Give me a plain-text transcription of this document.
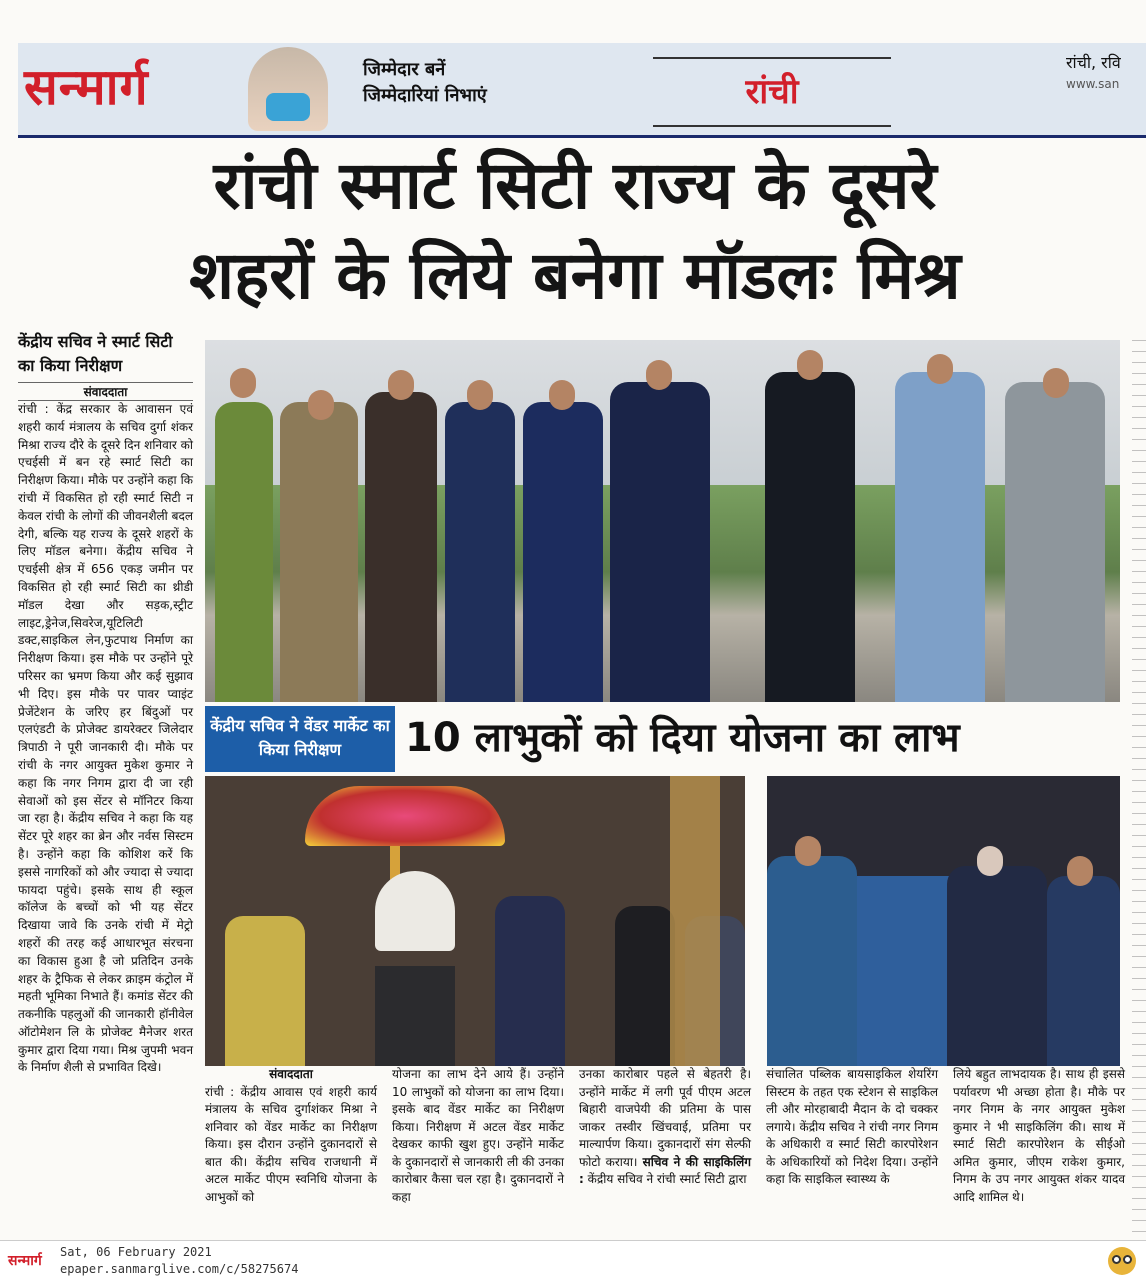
सन्मार्ग	जिम्मेदार बनें
जिम्मेदारियां निभाएं	रांची
रांची, रवि
www.san
रांची स्मार्ट सिटी राज्य के दूसरे
शहरों के लिये बनेगा मॉडलः मिश्र
केंद्रीय सचिव ने स्मार्ट सिटी का किया निरीक्षण
संवाददाता
रांची : केंद्र सरकार के आवासन एवं शहरी कार्य मंत्रालय के सचिव दुर्गा शंकर मिश्रा राज्य दौरे के दूसरे दिन शनिवार को एचईसी में बन रहे स्मार्ट सिटी का निरीक्षण किया। मौके पर उन्होंने कहा कि रांची में विकसित हो रही स्मार्ट सिटी न केवल रांची के लोगों की जीवनशैली बदल देगी, बल्कि यह राज्य के दूसरे शहरों के लिए मॉडल बनेगा। केंद्रीय सचिव ने एचईसी क्षेत्र में 656 एकड़ जमीन पर विकसित हो रही स्मार्ट सिटी का थ्रीडी मॉडल देखा और सड़क,स्ट्रीट लाइट,ड्रेनेज,सिवरेज,यूटिलिटी डक्ट,साइकिल लेन,फुटपाथ निर्माण का निरीक्षण किया। इस मौके पर उन्होंने पूरे परिसर का भ्रमण किया और कई सुझाव भी दिए। इस मौके पर पावर प्वाइंट प्रेजेंटेशन के जरिए हर बिंदुओं पर एलएंडटी के प्रोजेक्ट डायरेक्टर जिलेदार त्रिपाठी ने पूरी जानकारी दी। मौके पर रांची के नगर आयुक्त मुकेश कुमार ने कहा कि नगर निगम द्वारा दी जा रही सेवाओं को इस सेंटर से मॉनिटर किया जा रहा है। केंद्रीय सचिव ने कहा कि यह सेंटर पूरे शहर का ब्रेन और नर्वस सिस्टम है। उन्होंने कहा कि कोशिश करें कि इससे नागरिकों को और ज्यादा से ज्यादा फायदा पहुंचे। इसके साथ ही स्कूल कॉलेज के बच्चों को भी यह सेंटर दिखाया जावे कि उनके रांची में मेट्रो शहरों की तरह कई आधारभूत संरचना का विकास हुआ है जो प्रतिदिन उनके शहर के ट्रैफिक से लेकर क्राइम कंट्रोल में महती भूमिका निभाते हैं। कमांड सेंटर की तकनीकि पहलुओं की जानकारी हॉनीवेल ऑटोमेशन लि के प्रोजेक्ट मैनेजर शरत कुमार द्वारा दिया गया। मिश्र जुपमी भवन के निर्माण शैली से प्रभावित दिखे।
केंद्रीय सचिव ने वेंडर मार्केट का किया निरीक्षण	10 लाभुकों को दिया योजना का लाभ
संवाददाता
रांची : केंद्रीय आवास एवं शहरी कार्य मंत्रालय के सचिव दुर्गाशंकर मिश्रा ने शनिवार को वेंडर मार्केट का निरीक्षण किया। इस दौरान उन्होंने दुकानदारों से बात की। केंद्रीय सचिव राजधानी में अटल मार्केट पीएम स्वनिधि योजना के आभुकों को
योजना का लाभ देने आये हैं। उन्होंने 10 लाभुकों को योजना का लाभ दिया। इसके बाद वेंडर मार्केट का निरीक्षण किया। निरीक्षण में अटल वेंडर मार्केट देखकर काफी खुश हुए। उन्होंने मार्केट के दुकानदारों से जानकारी ली की उनका कारोबार कैसा चल रहा है। दुकानदारों ने कहा
उनका कारोबार पहले से बेहतरी है। उन्होंने मार्केट में लगी पूर्व पीएम अटल बिहारी वाजपेयी की प्रतिमा के पास जाकर तस्वीर खिंचवाई, प्रतिमा पर माल्यार्पण किया। दुकानदारों संग सेल्फी फोटो कराया। सचिव ने की साइकिलिंग : केंद्रीय सचिव ने रांची स्मार्ट सिटी द्वारा
संचालित पब्लिक बायसाइकिल शेयरिंग सिस्टम के तहत एक स्टेशन से साइकिल ली और मोरहाबादी मैदान के दो चक्कर लगाये। केंद्रीय सचिव ने रांची नगर निगम के अधिकारी व स्मार्ट सिटी कारपोरेशन के अधिकारियों को निदेश दिया। उन्होंने कहा कि साइकिल स्वास्थ्य के
लिये बहुत लाभदायक है। साथ ही इससे पर्यावरण भी अच्छा होता है। मौके पर नगर निगम के नगर आयुक्त मुकेश कुमार ने भी साइकिलिंग की। साथ में स्मार्ट सिटी कारपोरेशन के सीईओ अमित कुमार, जीएम राकेश कुमार, निगम के उप नगर आयुक्त शंकर यादव आदि शामिल थे।
सन्मार्ग
Sat, 06 February 2021
epaper.sanmarglive.com/c/58275674
